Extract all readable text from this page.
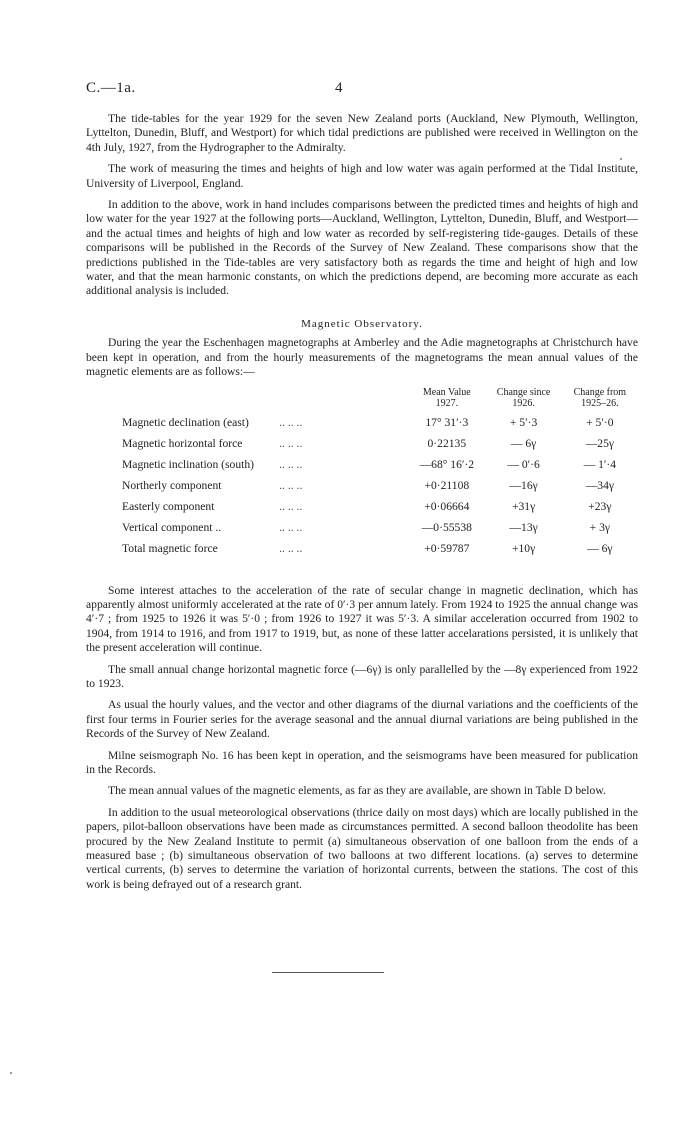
C.—1a.	4

The tide-tables for the year 1929 for the seven New Zealand ports (Auckland, New Plymouth, Wellington, Lyttelton, Dunedin, Bluff, and Westport) for which tidal predictions are published were received in Wellington on the 4th July, 1927, from the Hydrographer to the Admiralty.

The work of measuring the times and heights of high and low water was again performed at the Tidal Institute, University of Liverpool, England.

In addition to the above, work in hand includes comparisons between the predicted times and heights of high and low water for the year 1927 at the following ports—Auckland, Wellington, Lyttelton, Dunedin, Bluff, and Westport—and the actual times and heights of high and low water as recorded by self-registering tide-gauges. Details of these comparisons will be published in the Records of the Survey of New Zealand. These comparisons show that the predictions published in the Tide-tables are very satisfactory both as regards the time and height of high and low water, and that the mean harmonic constants, on which the predictions depend, are becoming more accurate as each additional analysis is included.

Magnetic Observatory.

During the year the Eschenhagen magnetographs at Amberley and the Adie magnetographs at Christchurch have been kept in operation, and from the hourly measurements of the magnetograms the mean annual values of the magnetic elements are as follows:—

		Mean Value 1927.	Change since 1926.	Change from 1925–26.
Magnetic declination (east)	.. .. ..	17° 31′·3	+ 5′·3	+ 5′·0
Magnetic horizontal force	.. .. ..	0·22135	— 6γ	—25γ
Magnetic inclination (south)	.. .. ..	—68° 16′·2	— 0′·6	— 1′·4
Northerly component	.. .. ..	+0·21108	—16γ	—34γ
Easterly component	.. .. ..	+0·06664	+31γ	+23γ
Vertical component ..	.. .. ..	—0·55538	—13γ	+ 3γ
Total magnetic force	.. .. ..	+0·59787	+10γ	— 6γ

Some interest attaches to the acceleration of the rate of secular change in magnetic declination, which has apparently almost uniformly accelerated at the rate of 0′·3 per annum lately. From 1924 to 1925 the annual change was 4′·7 ; from 1925 to 1926 it was 5′·0 ; from 1926 to 1927 it was 5′·3. A similar acceleration occurred from 1902 to 1904, from 1914 to 1916, and from 1917 to 1919, but, as none of these latter accelarations persisted, it is unlikely that the present acceleration will continue.

The small annual change horizontal magnetic force (—6γ) is only parallelled by the —8γ experienced from 1922 to 1923.

As usual the hourly values, and the vector and other diagrams of the diurnal variations and the coefficients of the first four terms in Fourier series for the average seasonal and the annual diurnal variations are being published in the Records of the Survey of New Zealand.

Milne seismograph No. 16 has been kept in operation, and the seismograms have been measured for publication in the Records.

The mean annual values of the magnetic elements, as far as they are available, are shown in Table D below.

In addition to the usual meteorological observations (thrice daily on most days) which are locally published in the papers, pilot-balloon observations have been made as circumstances permitted. A second balloon theodolite has been procured by the New Zealand Institute to permit (a) simultaneous observation of one balloon from the ends of a measured base ; (b) simultaneous observation of two balloons at two different locations. (a) serves to determine vertical currents, (b) serves to determine the variation of horizontal currents, between the stations. The cost of this work is being defrayed out of a research grant.
